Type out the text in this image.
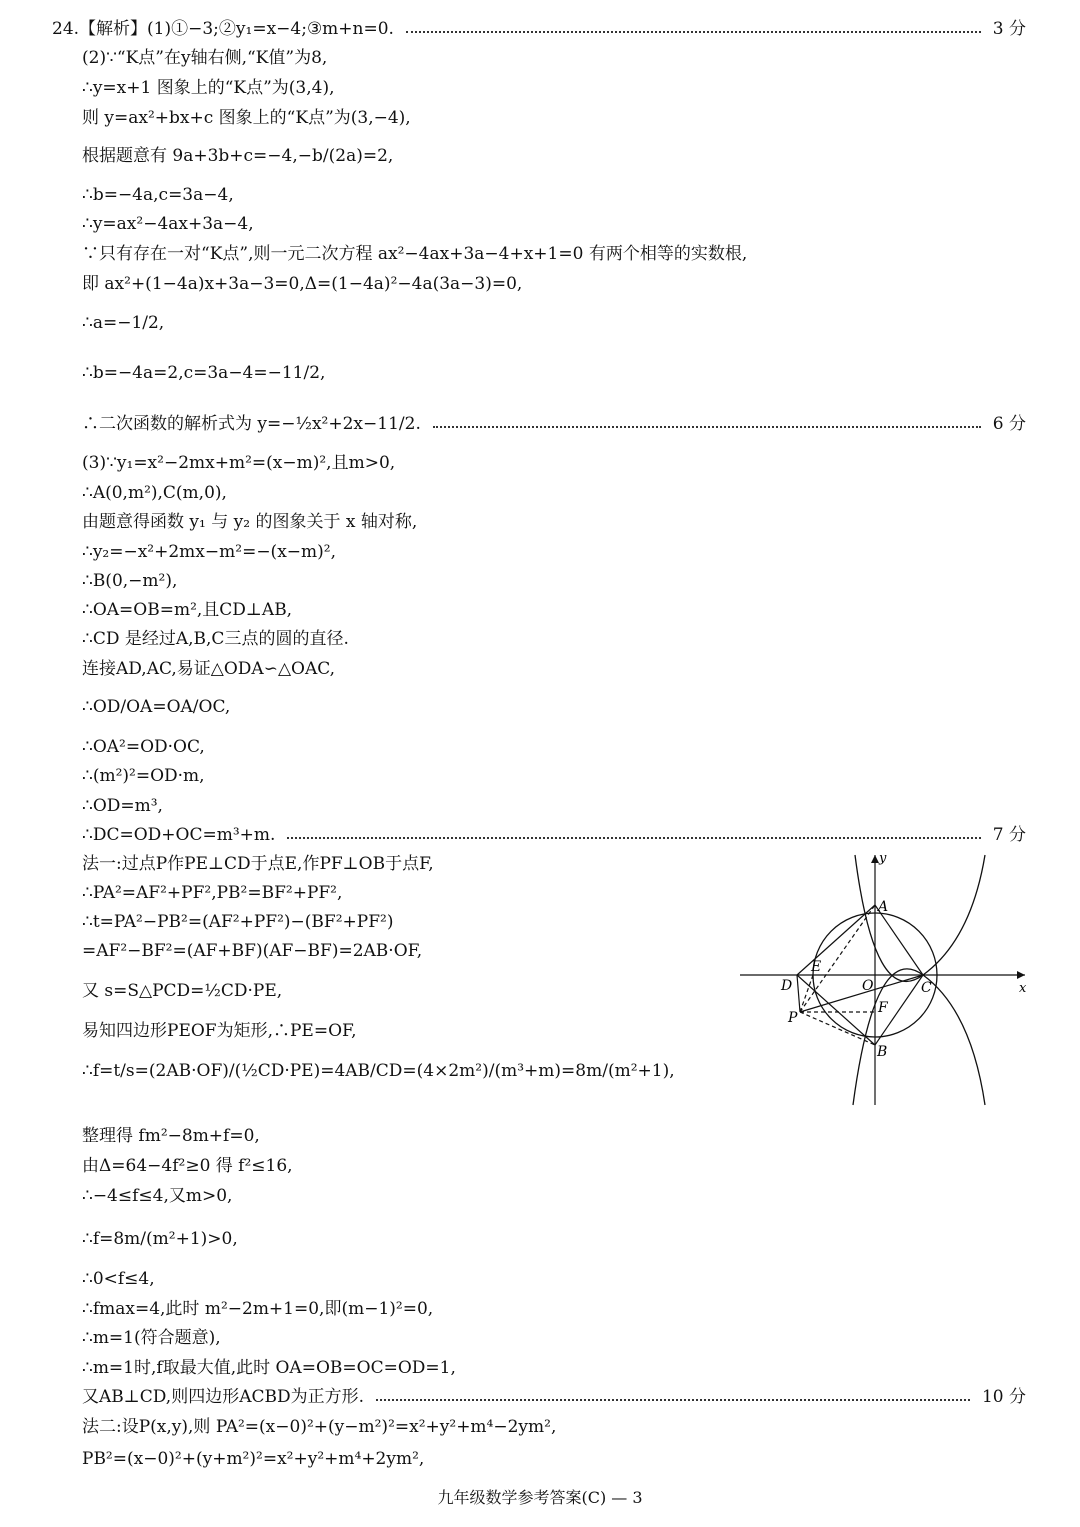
24.【解析】(1)①−3;②y₁=x−4;③m+n=0.
(2)∵“K点”在y轴右侧,“K值”为8,
∴y=x+1 图象上的“K点”为(3,4),
则 y=ax²+bx+c 图象上的“K点”为(3,−4),
根据题意有 9a+3b+c=−4,−b/(2a)=2,
∴b=−4a,c=3a−4,
∴y=ax²−4ax+3a−4,
∵只有存在一对“K点”,则一元二次方程 ax²−4ax+3a−4+x+1=0 有两个相等的实数根,
即 ax²+(1−4a)x+3a−3=0,Δ=(1−4a)²−4a(3a−3)=0,
∴a=−1/2,
∴b=−4a=2,c=3a−4=−11/2,
∴二次函数的解析式为 y=−½x²+2x−11/2.
(3)∵y₁=x²−2mx+m²=(x−m)²,且m>0,
∴A(0,m²),C(m,0),
由题意得函数 y₁ 与 y₂ 的图象关于 x 轴对称,
∴y₂=−x²+2mx−m²=−(x−m)²,
∴B(0,−m²),
∴OA=OB=m²,且CD⊥AB,
∴CD 是经过A,B,C三点的圆的直径.
连接AD,AC,易证△ODA∽△OAC,
∴OD/OA=OA/OC,
∴OA²=OD·OC,
∴(m²)²=OD·m,
∴OD=m³,
∴DC=OD+OC=m³+m.
法一:过点P作PE⊥CD于点E,作PF⊥OB于点F,
∴PA²=AF²+PF²,PB²=BF²+PF²,
∴t=PA²−PB²=(AF²+PF²)−(BF²+PF²)
=AF²−BF²=(AF+BF)(AF−BF)=2AB·OF,
又 s=S△PCD=½CD·PE,
易知四边形PEOF为矩形,∴PE=OF,
∴f=t/s=(2AB·OF)/(½CD·PE)=4AB/CD=(4×2m²)/(m³+m)=8m/(m²+1),
整理得 fm²−8m+f=0,
由Δ=64−4f²≥0 得 f²≤16,
∴−4≤f≤4,又m>0,
∴f=8m/(m²+1)>0,
∴0<f≤4,
∴fmax=4,此时 m²−2m+1=0,即(m−1)²=0,
∴m=1(符合题意),
∴m=1时,f取最大值,此时 OA=OB=OC=OD=1,
又AB⊥CD,则四边形ACBD为正方形.
法二:设P(x,y),则 PA²=(x−0)²+(y−m²)²=x²+y²+m⁴−2ym²,
PB²=(x−0)²+(y+m²)²=x²+y²+m⁴+2ym²,
3 分
6 分
7 分
10 分
y
x
A
O
D
E
C
P
F
B
九年级数学参考答案(C) — 3
